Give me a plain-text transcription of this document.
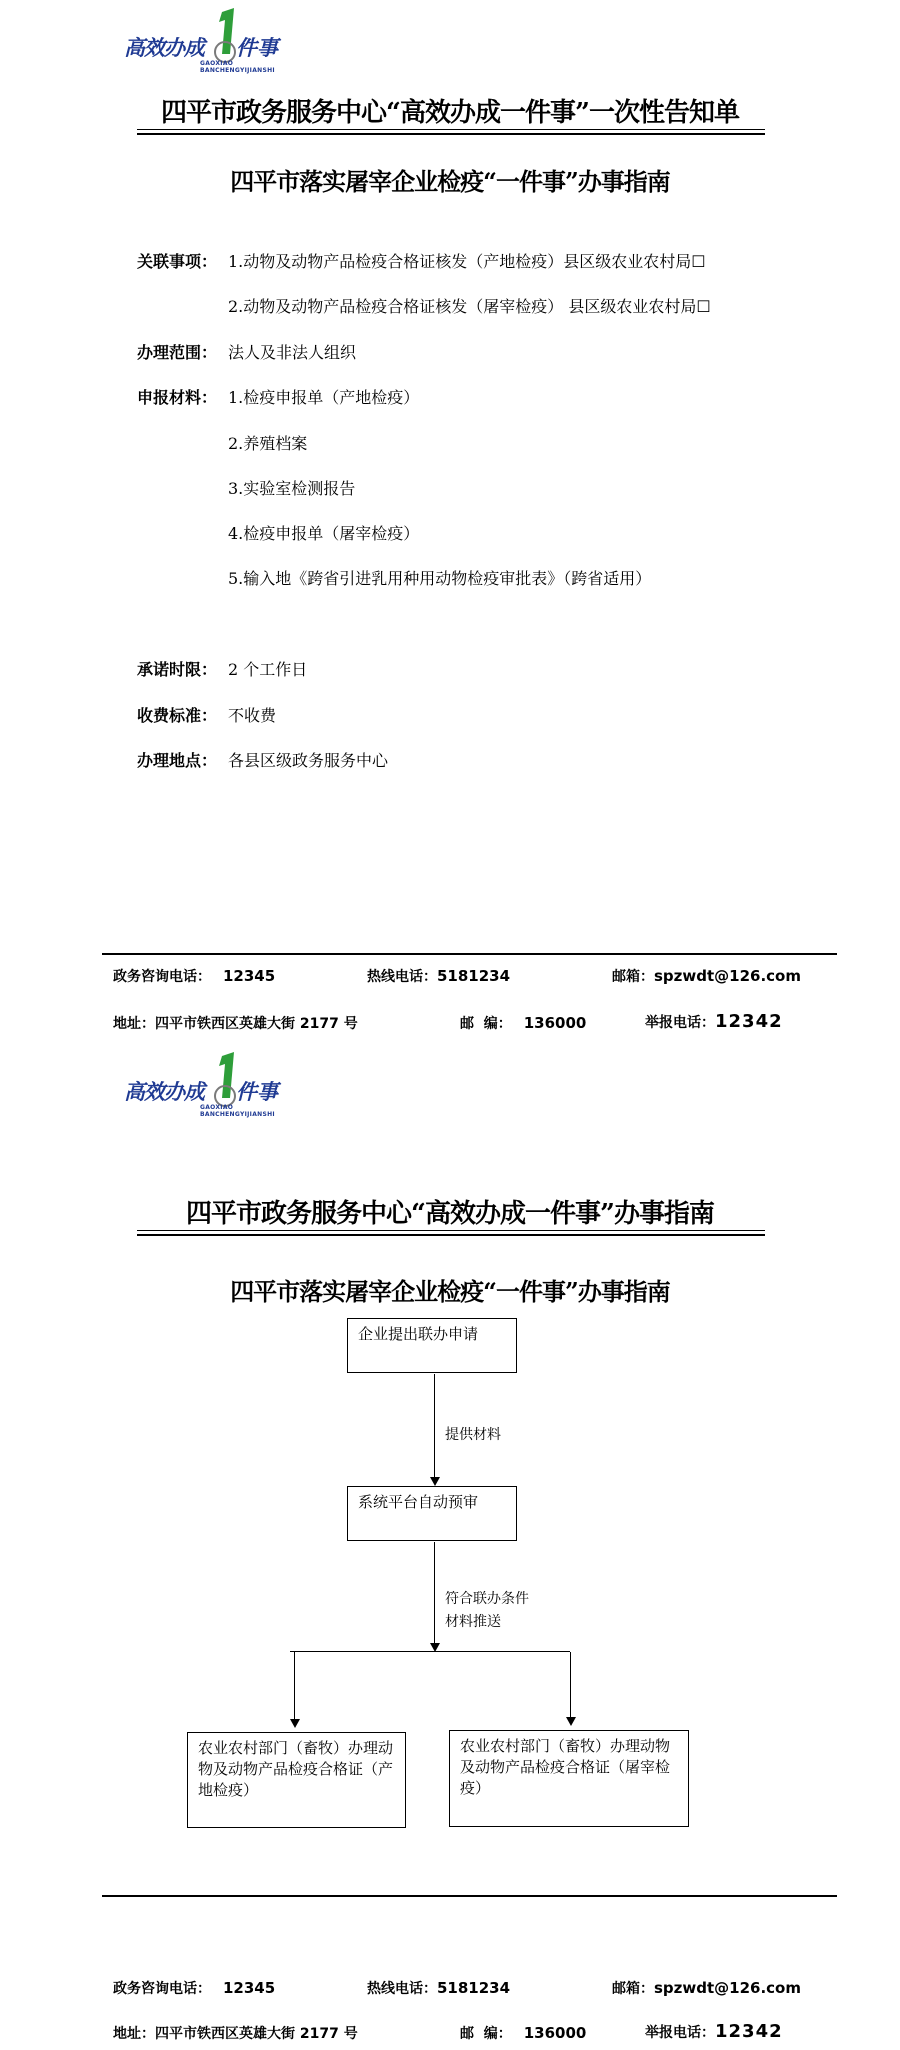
高效办成 件事
GAOXIAO
BANCHENGYIJIANSHI
四平市政务服务中心“高效办成一件事”一次性告知单
四平市落实屠宰企业检疫“一件事”办事指南
关联事项： 1.动物及动物产品检疫合格证核发（产地检疫）县区级农业农村局☐
2.动物及动物产品检疫合格证核发（屠宰检疫） 县区级农业农村局☐
办理范围： 法人及非法人组织
申报材料： 1.检疫申报单（产地检疫）
2.养殖档案
3.实验室检测报告
4.检疫申报单（屠宰检疫）
5.输入地《跨省引进乳用种用动物检疫审批表》（跨省适用）
承诺时限： 2 个工作日
收费标准： 不收费
办理地点： 各县区级政务服务中心
政务咨询电话： 12345	热线电话：5181234	邮箱：spzwdt@126.com
地址：四平市铁西区英雄大街 2177 号	邮  编： 136000	举报电话：12342
高效办成 件事
GAOXIAO
BANCHENGYIJIANSHI
四平市政务服务中心“高效办成一件事”办事指南
四平市落实屠宰企业检疫“一件事”办事指南
企业提出联办申请
提供材料
系统平台自动预审
符合联办条件
材料推送
农业农村部门（畜牧）办理动物及动物产品检疫合格证（产地检疫）
农业农村部门（畜牧）办理动物及动物产品检疫合格证（屠宰检疫）
政务咨询电话： 12345	热线电话：5181234	邮箱：spzwdt@126.com
地址：四平市铁西区英雄大街 2177 号	邮  编： 136000	举报电话：12342
